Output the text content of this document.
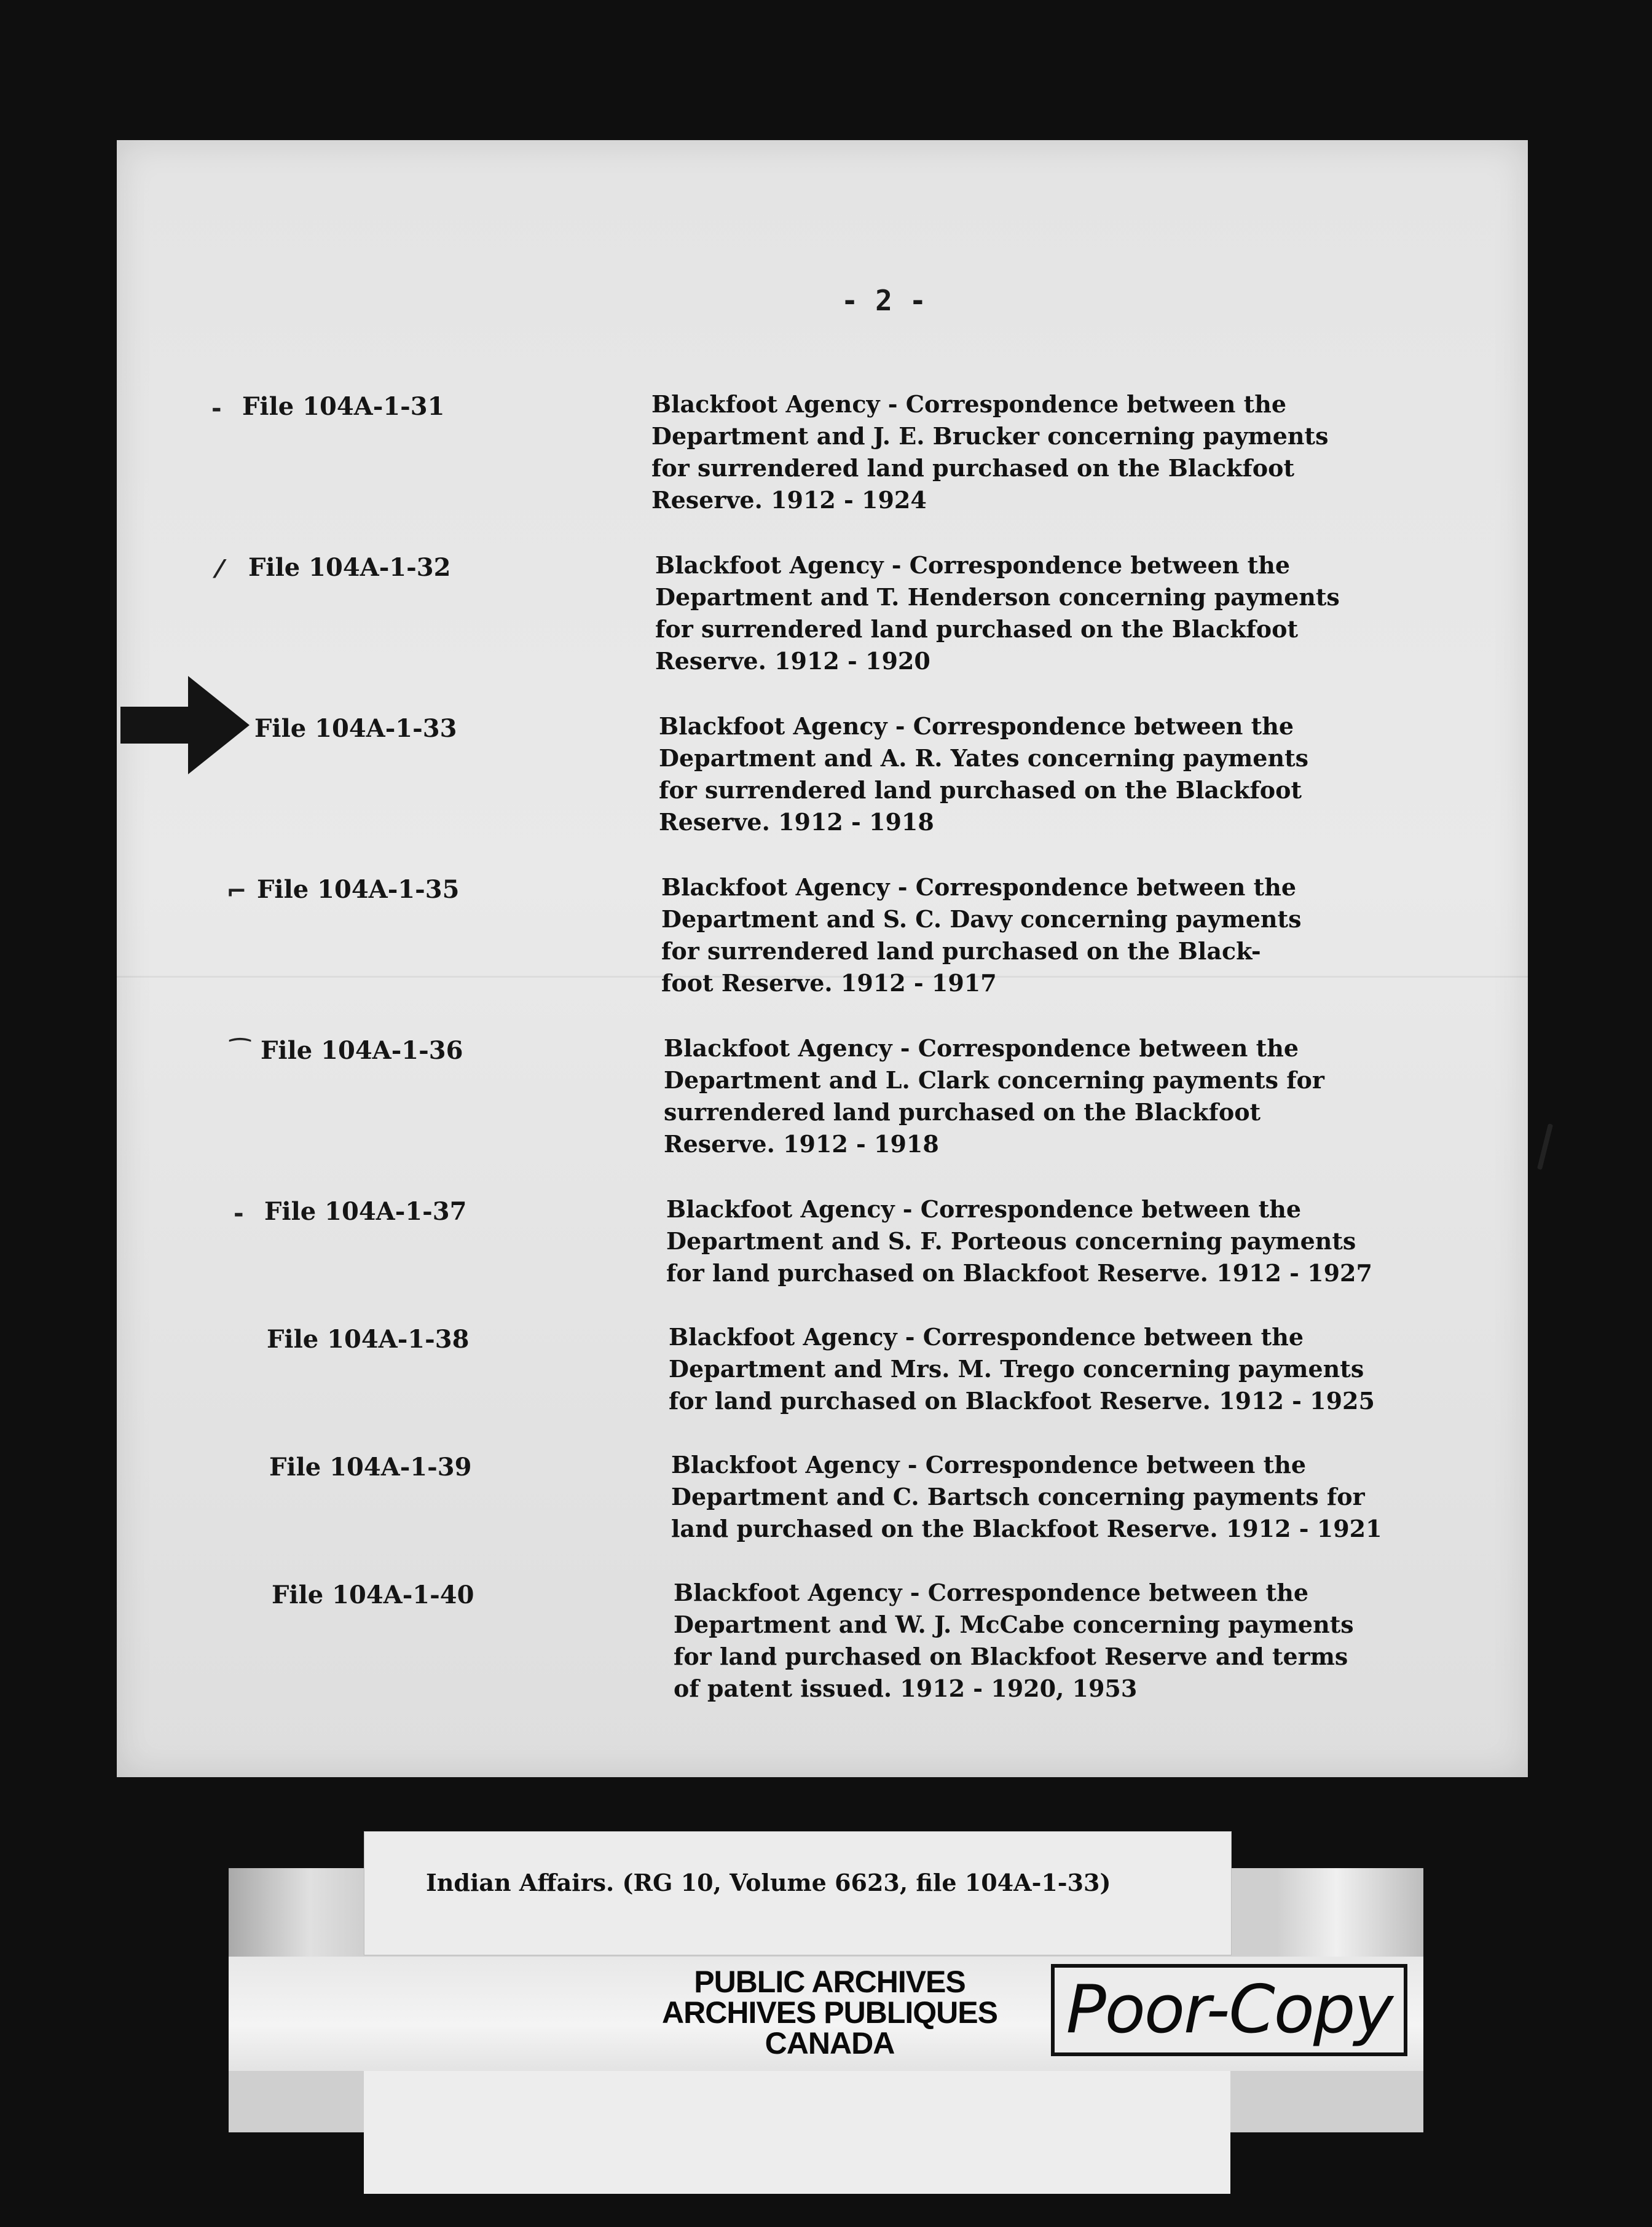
- 2 -
- File 104A-1-31	Blackfoot Agency - Correspondence between the
Department and J. E. Brucker concerning payments
for surrendered land purchased on the Blackfoot
Reserve. 1912 - 1924
⁄ File 104A-1-32	Blackfoot Agency - Correspondence between the
Department and T. Henderson concerning payments
for surrendered land purchased on the Blackfoot
Reserve. 1912 - 1920
File 104A-1-33	Blackfoot Agency - Correspondence between the
Department and A. R. Yates concerning payments
for surrendered land purchased on the Blackfoot
Reserve. 1912 - 1918
⌐ File 104A-1-35	Blackfoot Agency - Correspondence between the
Department and S. C. Davy concerning payments
for surrendered land purchased on the Black-
foot Reserve. 1912 - 1917
⁀ File 104A-1-36	Blackfoot Agency - Correspondence between the
Department and L. Clark concerning payments for
surrendered land purchased on the Blackfoot
Reserve. 1912 - 1918
- File 104A-1-37	Blackfoot Agency - Correspondence between the
Department and S. F. Porteous concerning payments
for land purchased on Blackfoot Reserve. 1912 - 1927
File 104A-1-38	Blackfoot Agency - Correspondence between the
Department and Mrs. M. Trego concerning payments
for land purchased on Blackfoot Reserve. 1912 - 1925
File 104A-1-39	Blackfoot Agency - Correspondence between the
Department and C. Bartsch concerning payments for
land purchased on the Blackfoot Reserve. 1912 - 1921
File 104A-1-40	Blackfoot Agency - Correspondence between the
Department and W. J. McCabe concerning payments
for land purchased on Blackfoot Reserve and terms
of patent issued. 1912 - 1920, 1953
Indian Affairs. (RG 10, Volume 6623, file 104A-1-33)
PUBLIC ARCHIVES
ARCHIVES PUBLIQUES
CANADA	Poor-Copy
